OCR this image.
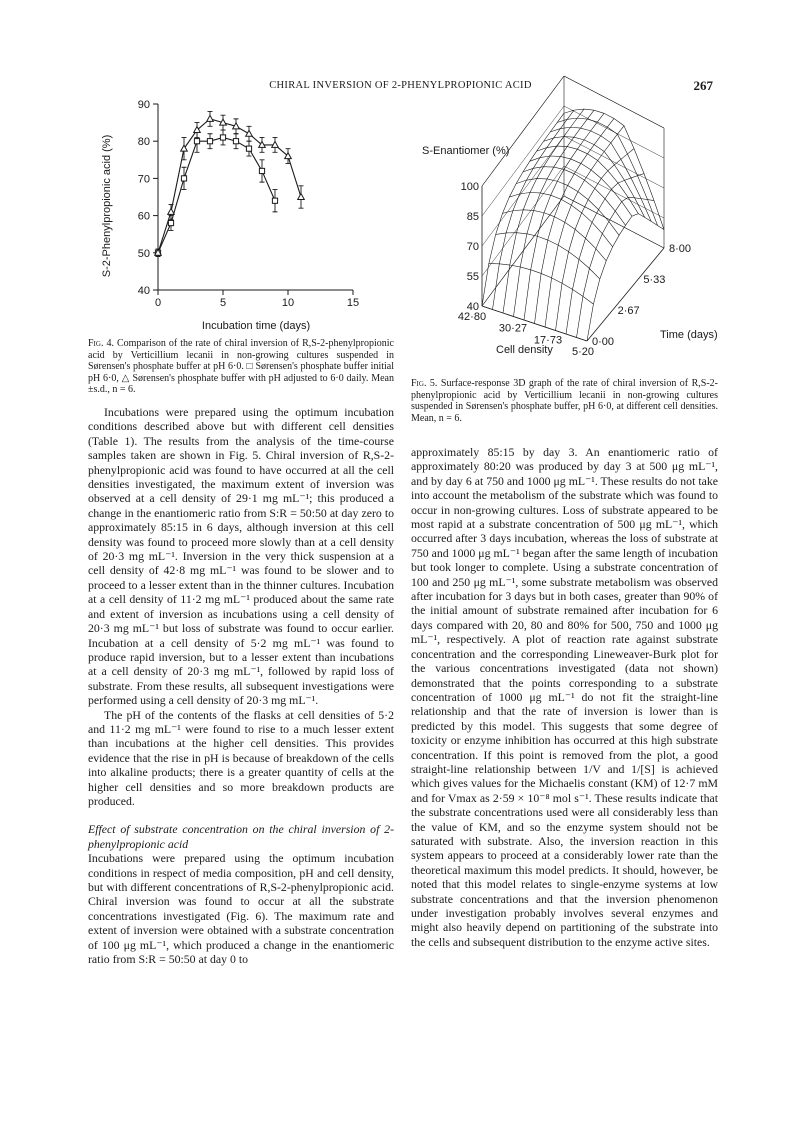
CHIRAL INVERSION OF 2-PHENYLPROPIONIC ACID	267
40
50
60
70
80
90
0	5	10	15
S-2-Phenylpropionic acid (%)
Incubation time (days)

Fig. 4. Comparison of the rate of chiral inversion of R,S-2-phenylpropionic acid by Verticillium lecanii in non-growing cultures suspended in Sørensen's phosphate buffer at pH 6·0. □ Sørensen's phosphate buffer initial pH 6·0, △ Sørensen's phosphate buffer with pH adjusted to 6·0 daily. Mean ±s.d., n = 6.

40
55
70
85
100
42·80
30·27
17·73
5·20
0·00
2·67
5·33
8·00
S-Enantiomer (%)
Cell density
Time (days)

Fig. 5. Surface-response 3D graph of the rate of chiral inversion of R,S-2-phenylpropionic acid by Verticillium lecanii in non-growing cultures suspended in Sørensen's phosphate buffer, pH 6·0, at different cell densities. Mean, n = 6.

Incubations were prepared using the optimum incubation conditions described above but with different cell densities (Table 1). The results from the analysis of the time-course samples taken are shown in Fig. 5. Chiral inversion of R,S-2-phenylpropionic acid was found to have occurred at all the cell densities investigated, the maximum extent of inversion was observed at a cell density of 29·1 mg mL⁻¹; this produced a change in the enantiomeric ratio from S:R = 50:50 at day zero to approximately 85:15 in 6 days, although inversion at this cell density was found to proceed more slowly than at a cell density of 20·3 mg mL⁻¹. Inversion in the very thick suspension at a cell density of 42·8 mg mL⁻¹ was found to be slower and to proceed to a lesser extent than in the thinner cultures. Incubation at a cell density of 11·2 mg mL⁻¹ produced about the same rate and extent of inversion as incubations using a cell density of 20·3 mg mL⁻¹ but loss of substrate was found to occur earlier. Incubation at a cell density of 5·2 mg mL⁻¹ was found to produce rapid inversion, but to a lesser extent than incubations at a cell density of 20·3 mg mL⁻¹, followed by rapid loss of substrate. From these results, all subsequent investigations were performed using a cell density of 20·3 mg mL⁻¹.

The pH of the contents of the flasks at cell densities of 5·2 and 11·2 mg mL⁻¹ were found to rise to a much lesser extent than incubations at the higher cell densities. This provides evidence that the rise in pH is because of breakdown of the cells into alkaline products; there is a greater quantity of cells at the higher cell densities and so more breakdown products are produced.

Effect of substrate concentration on the chiral inversion of 2-phenylpropionic acid

Incubations were prepared using the optimum incubation conditions in respect of media composition, pH and cell density, but with different concentrations of R,S-2-phenylpropionic acid. Chiral inversion was found to occur at all the substrate concentrations investigated (Fig. 6). The maximum rate and extent of inversion were obtained with a substrate concentration of 100 μg mL⁻¹, which produced a change in the enantiomeric ratio from S:R = 50:50 at day 0 to

approximately 85:15 by day 3. An enantiomeric ratio of approximately 80:20 was produced by day 3 at 500 μg mL⁻¹, and by day 6 at 750 and 1000 μg mL⁻¹. These results do not take into account the metabolism of the substrate which was found to occur in non-growing cultures. Loss of substrate appeared to be most rapid at a substrate concentration of 500 μg mL⁻¹, which occurred after 3 days incubation, whereas the loss of substrate at 750 and 1000 μg mL⁻¹ began after the same length of incubation but took longer to complete. Using a substrate concentration of 100 and 250 μg mL⁻¹, some substrate metabolism was observed after incubation for 3 days but in both cases, greater than 90% of the initial amount of substrate remained after incubation for 6 days compared with 20, 80 and 80% for 500, 750 and 1000 μg mL⁻¹, respectively. A plot of reaction rate against substrate concentration and the corresponding Lineweaver-Burk plot for the various concentrations investigated (data not shown) demonstrated that the points corresponding to a substrate concentration of 1000 μg mL⁻¹ do not fit the straight-line relationship and that the rate of inversion is lower than is predicted by this model. This suggests that some degree of toxicity or enzyme inhibition has occurred at this high substrate concentration. If this point is removed from the plot, a good straight-line relationship between 1/V and 1/[S] is achieved which gives values for the Michaelis constant (KM) of 12·7 mM and for Vmax as 2·59 × 10⁻⁸ mol s⁻¹. These results indicate that the substrate concentrations used were all considerably less than the value of KM, and so the enzyme system should not be saturated with substrate. Also, the inversion reaction in this system appears to proceed at a considerably lower rate than the theoretical maximum this model predicts. It should, however, be noted that this model relates to single-enzyme systems at low substrate concentrations and that the inversion phenomenon under investigation probably involves several enzymes and might also heavily depend on partitioning of the substrate into the cells and subsequent distribution to the enzyme active sites.
